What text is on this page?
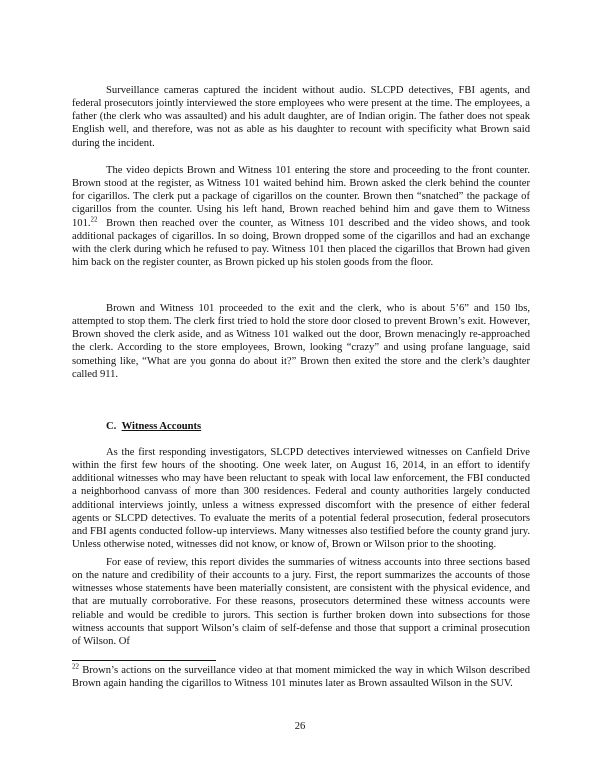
Surveillance cameras captured the incident without audio. SLCPD detectives, FBI agents, and federal prosecutors jointly interviewed the store employees who were present at the time. The employees, a father (the clerk who was assaulted) and his adult daughter, are of Indian origin. The father does not speak English well, and therefore, was not as able as his daughter to recount with specificity what Brown said during the incident.

The video depicts Brown and Witness 101 entering the store and proceeding to the front counter. Brown stood at the register, as Witness 101 waited behind him. Brown asked the clerk behind the counter for cigarillos. The clerk put a package of cigarillos on the counter. Brown then “snatched” the package of cigarillos from the counter. Using his left hand, Brown reached behind him and gave them to Witness 101.22 Brown then reached over the counter, as Witness 101 described and the video shows, and took additional packages of cigarillos. In so doing, Brown dropped some of the cigarillos and had an exchange with the clerk during which he refused to pay. Witness 101 then placed the cigarillos that Brown had given him back on the register counter, as Brown picked up his stolen goods from the floor.

Brown and Witness 101 proceeded to the exit and the clerk, who is about 5’6” and 150 lbs, attempted to stop them. The clerk first tried to hold the store door closed to prevent Brown’s exit. However, Brown shoved the clerk aside, and as Witness 101 walked out the door, Brown menacingly re-approached the clerk. According to the store employees, Brown, looking “crazy” and using profane language, said something like, “What are you gonna do about it?” Brown then exited the store and the clerk’s daughter called 911.

C. Witness Accounts

As the first responding investigators, SLCPD detectives interviewed witnesses on Canfield Drive within the first few hours of the shooting. One week later, on August 16, 2014, in an effort to identify additional witnesses who may have been reluctant to speak with local law enforcement, the FBI conducted a neighborhood canvass of more than 300 residences. Federal and county authorities largely conducted additional interviews jointly, unless a witness expressed discomfort with the presence of either federal agents or SLCPD detectives. To evaluate the merits of a potential federal prosecution, federal prosecutors and FBI agents conducted follow-up interviews. Many witnesses also testified before the county grand jury. Unless otherwise noted, witnesses did not know, or know of, Brown or Wilson prior to the shooting.

For ease of review, this report divides the summaries of witness accounts into three sections based on the nature and credibility of their accounts to a jury. First, the report summarizes the accounts of those witnesses whose statements have been materially consistent, are consistent with the physical evidence, and that are mutually corroborative. For these reasons, prosecutors determined these witness accounts were reliable and would be credible to jurors. This section is further broken down into subsections for those witness accounts that support Wilson’s claim of self-defense and those that support a criminal prosecution of Wilson. Of

$^{22}$ Brown’s actions on the surveillance video at that moment mimicked the way in which Wilson described Brown again handing the cigarillos to Witness 101 minutes later as Brown assaulted Wilson in the SUV.

26
